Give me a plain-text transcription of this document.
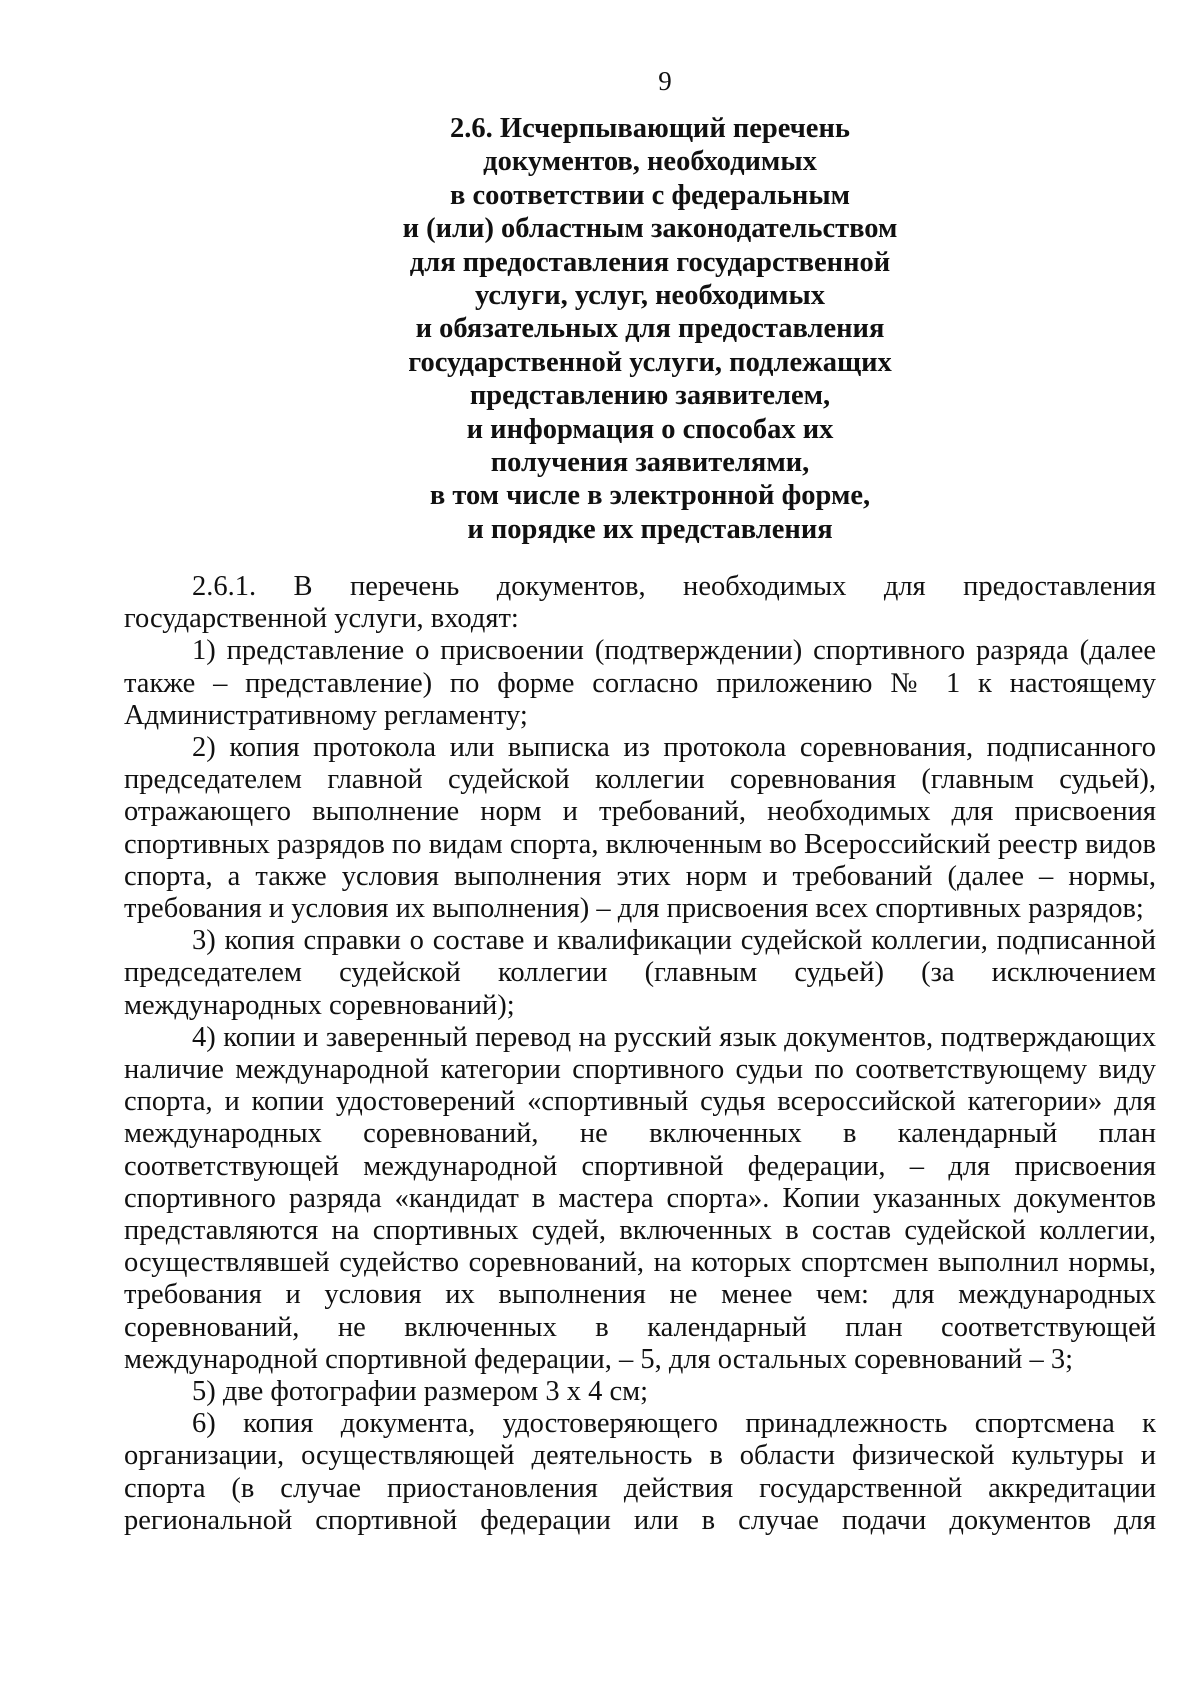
9
2.6. Исчерпывающий перечень
документов, необходимых
в соответствии с федеральным
и (или) областным законодательством
для предоставления государственной
услуги, услуг, необходимых
и обязательных для предоставления
государственной услуги, подлежащих
представлению заявителем,
и информация о способах их
получения заявителями,
в том числе в электронной форме,
и порядке их представления

2.6.1. В перечень документов, необходимых для предоставления государственной услуги, входят:

1) представление о присвоении (подтверждении) спортивного разряда (далее также – представление) по форме согласно приложению № 1 к настоящему Административному регламенту;

2) копия протокола или выписка из протокола соревнования, подписанного председателем главной судейской коллегии соревнования (главным судьей), отражающего выполнение норм и требований, необходимых для присвоения спортивных разрядов по видам спорта, включенным во Всероссийский реестр видов спорта, а также условия выполнения этих норм и требований (далее – нормы, требования и условия их выполнения) – для присвоения всех спортивных разрядов;

3) копия справки о составе и квалификации судейской коллегии, подписанной председателем судейской коллегии (главным судьей) (за исключением международных соревнований);

4) копии и заверенный перевод на русский язык документов, подтверждающих наличие международной категории спортивного судьи по соответствующему виду спорта, и копии удостоверений «спортивный судья всероссийской категории» для международных соревнований, не включенных в календарный план соответствующей международной спортивной федерации, – для присвоения спортивного разряда «кандидат в мастера спорта». Копии указанных документов представляются на спортивных судей, включенных в состав судейской коллегии, осуществлявшей судейство соревнований, на которых спортсмен выполнил нормы, требования и условия их выполнения не менее чем: для международных соревнований, не включенных в календарный план соответствующей международной спортивной федерации, – 5, для остальных соревнований – 3;

5) две фотографии размером 3 х 4 см;

6) копия документа, удостоверяющего принадлежность спортсмена к организации, осуществляющей деятельность в области физической культуры и спорта (в случае приостановления действия государственной аккредитации региональной спортивной федерации или в случае подачи документов для
